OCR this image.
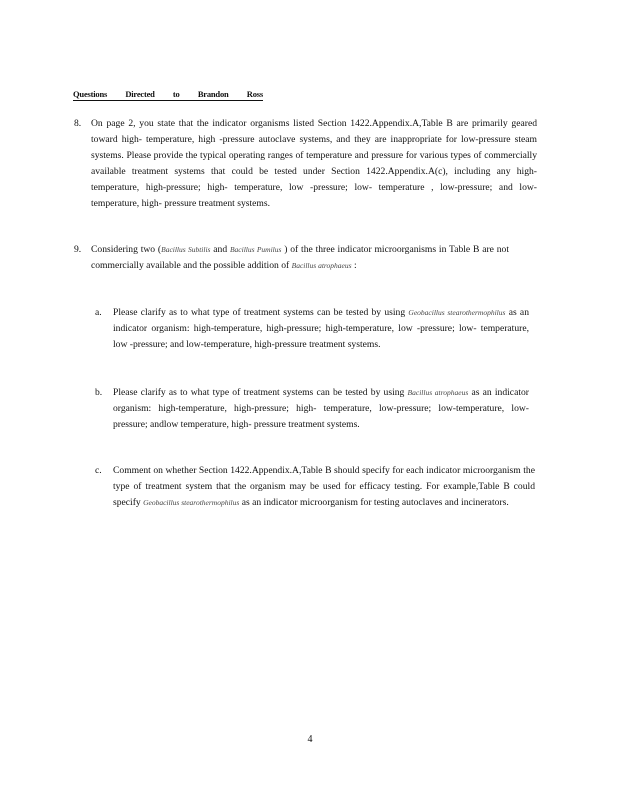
Questions Directed to Brandon Ross
8. On page 2, you state that the indicator organisms listed Section 1422.Appendix.A,Table B are primarily geared toward high- temperature, high -pressure autoclave systems, and they are inappropriate for low-pressure steam systems. Please provide the typical operating ranges of temperature and pressure for various types of commercially available treatment systems that could be tested under Section 1422.Appendix.A(c), including any high-temperature, high-pressure; high- temperature, low -pressure; low- temperature , low-pressure; and low-temperature, high- pressure treatment systems.
9. Considering two (Bacillus Subtilis and Bacillus Pumilus ) of the three indicator microorganisms in Table B are not commercially available and the possible addition of Bacillus atrophaeus :
a. Please clarify as to what type of treatment systems can be tested by using Geobacillus stearothermophilus as an indicator organism: high-temperature, high-pressure; high-temperature, low -pressure; low- temperature, low -pressure; and low-temperature, high-pressure treatment systems.
b. Please clarify as to what type of treatment systems can be tested by using Bacillus atrophaeus as an indicator organism: high-temperature, high-pressure; high- temperature, low-pressure; low-temperature, low-pressure; andlow temperature, high- pressure treatment systems.
c. Comment on whether Section 1422.Appendix.A,Table B should specify for each indicator microorganism the type of treatment system that the organism may be used for efficacy testing. For example,Table B could specify Geobacillus stearothermophilus as an indicator microorganism for testing autoclaves and incinerators.
4
